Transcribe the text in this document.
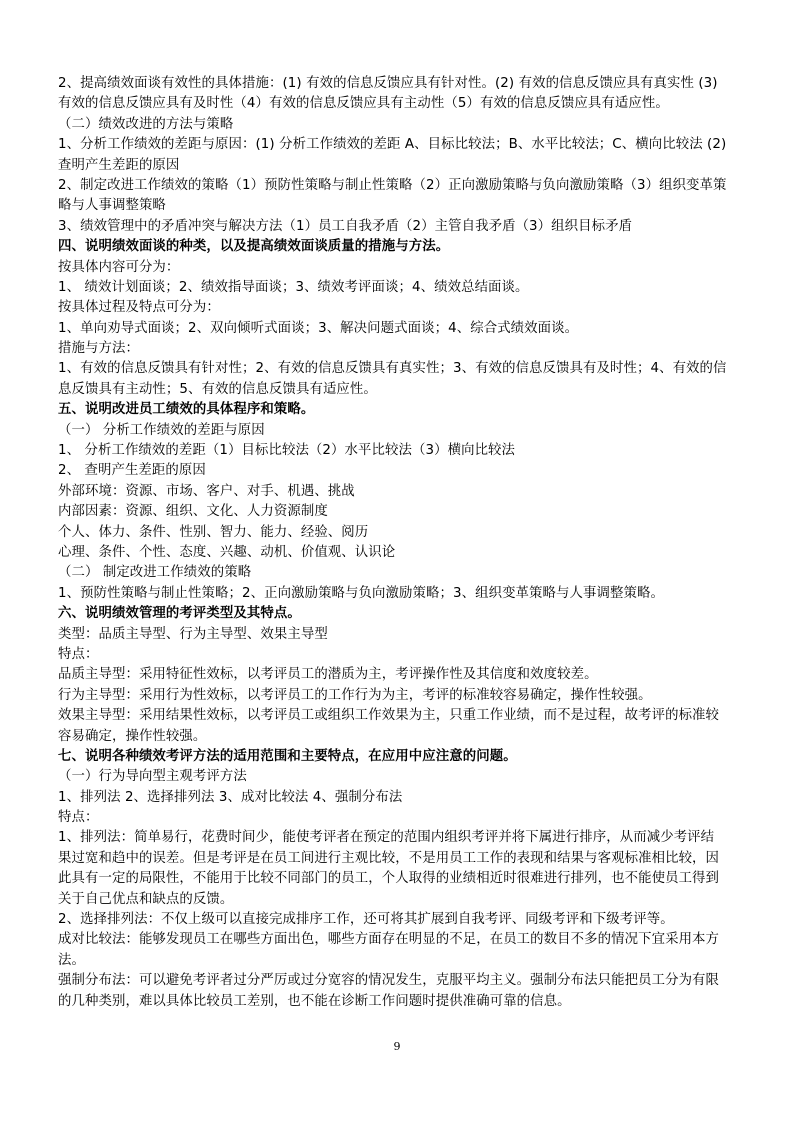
2、提高绩效面谈有效性的具体措施：(1) 有效的信息反馈应具有针对性。(2) 有效的信息反馈应具有真实性 (3)
有效的信息反馈应具有及时性（4）有效的信息反馈应具有主动性（5）有效的信息反馈应具有适应性。
（二）绩效改进的方法与策略
1、分析工作绩效的差距与原因：(1) 分析工作绩效的差距 A、目标比较法；B、水平比较法；C、横向比较法 (2)
查明产生差距的原因
2、制定改进工作绩效的策略（1）预防性策略与制止性策略（2）正向激励策略与负向激励策略（3）组织变革策
略与人事调整策略
3、绩效管理中的矛盾冲突与解决方法（1）员工自我矛盾（2）主管自我矛盾（3）组织目标矛盾
四、说明绩效面谈的种类，以及提高绩效面谈质量的措施与方法。
按具体内容可分为：
1、 绩效计划面谈；2、绩效指导面谈；3、绩效考评面谈；4、绩效总结面谈。
按具体过程及特点可分为：
1、单向劝导式面谈；2、双向倾听式面谈；3、解决问题式面谈；4、综合式绩效面谈。
措施与方法：
1、有效的信息反馈具有针对性；2、有效的信息反馈具有真实性；3、有效的信息反馈具有及时性；4、有效的信
息反馈具有主动性；5、有效的信息反馈具有适应性。
五、说明改进员工绩效的具体程序和策略。
（一） 分析工作绩效的差距与原因
1、 分析工作绩效的差距（1）目标比较法（2）水平比较法（3）横向比较法
2、 查明产生差距的原因
外部环境：资源、市场、客户、对手、机遇、挑战
内部因素：资源、组织、文化、人力资源制度
个人、体力、条件、性别、智力、能力、经验、阅历
心理、条件、个性、态度、兴趣、动机、价值观、认识论
（二） 制定改进工作绩效的策略
1、预防性策略与制止性策略；2、正向激励策略与负向激励策略；3、组织变革策略与人事调整策略。
六、说明绩效管理的考评类型及其特点。
类型：品质主导型、行为主导型、效果主导型
特点：
品质主导型：采用特征性效标，以考评员工的潜质为主，考评操作性及其信度和效度较差。
行为主导型：采用行为性效标，以考评员工的工作行为为主，考评的标准较容易确定，操作性较强。
效果主导型：采用结果性效标，以考评员工或组织工作效果为主，只重工作业绩，而不是过程，故考评的标准较
容易确定，操作性较强。
七、说明各种绩效考评方法的适用范围和主要特点，在应用中应注意的问题。
（一）行为导向型主观考评方法
1、排列法 2、选择排列法 3、成对比较法 4、强制分布法
特点：
1、排列法：简单易行，花费时间少，能使考评者在预定的范围内组织考评并将下属进行排序，从而减少考评结
果过宽和趋中的误差。但是考评是在员工间进行主观比较，不是用员工工作的表现和结果与客观标准相比较，因
此具有一定的局限性，不能用于比较不同部门的员工，个人取得的业绩相近时很难进行排列，也不能使员工得到
关于自己优点和缺点的反馈。
2、选择排列法：不仅上级可以直接完成排序工作，还可将其扩展到自我考评、同级考评和下级考评等。
成对比较法：能够发现员工在哪些方面出色，哪些方面存在明显的不足，在员工的数目不多的情况下宜采用本方
法。
强制分布法：可以避免考评者过分严厉或过分宽容的情况发生，克服平均主义。强制分布法只能把员工分为有限
的几种类别，难以具体比较员工差别，也不能在诊断工作问题时提供准确可靠的信息。
9
